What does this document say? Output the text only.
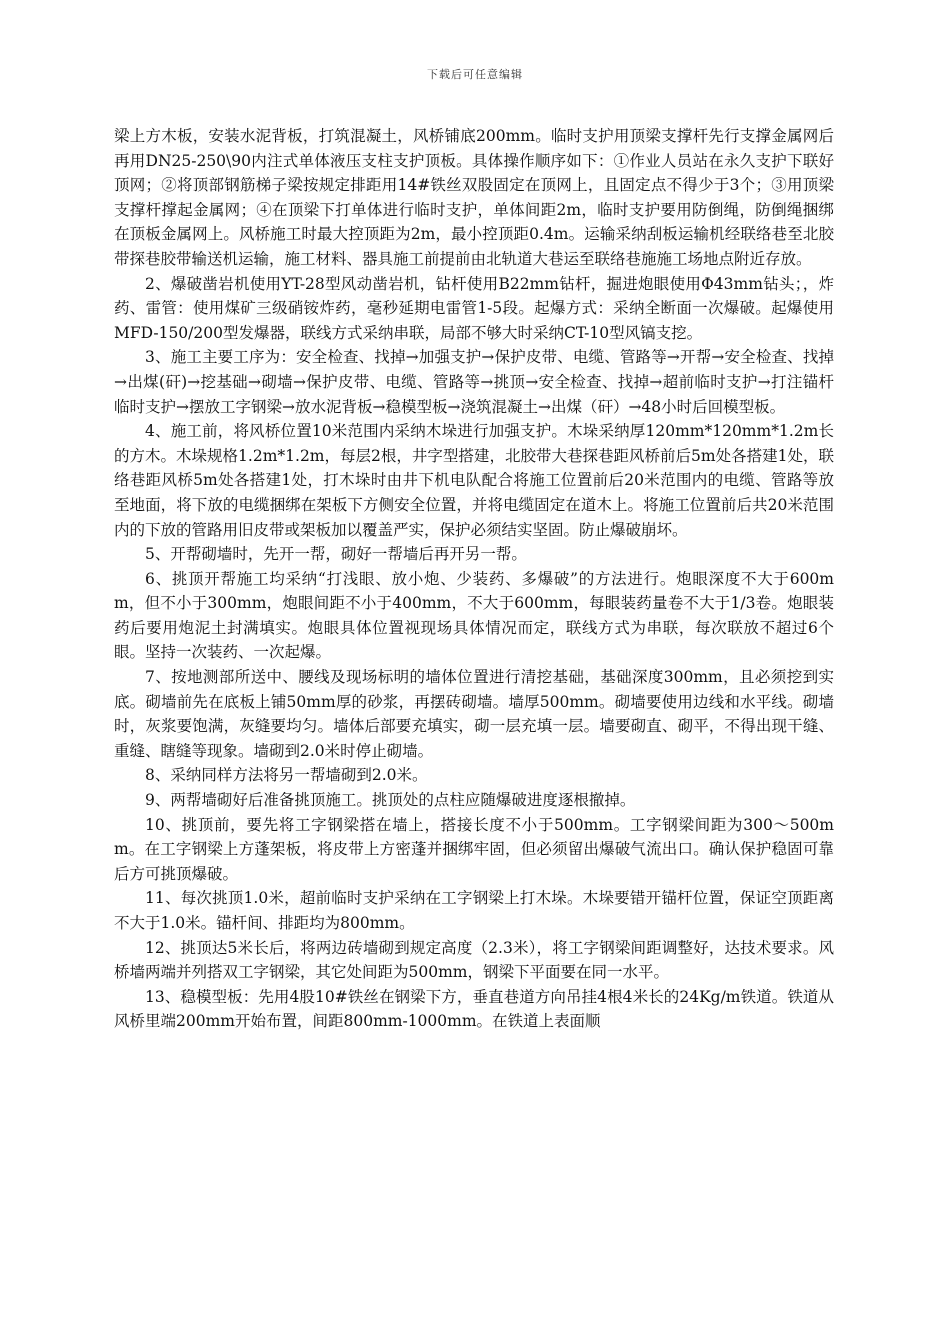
下载后可任意编辑

梁上方木板，安装水泥背板，打筑混凝土，风桥铺底200mm。临时支护用顶梁支撑杆先行支撑金属网后再用DN25-250\90内注式单体液压支柱支护顶板。具体操作顺序如下：①作业人员站在永久支护下联好顶网；②将顶部钢筋梯子梁按规定排距用14#铁丝双股固定在顶网上，且固定点不得少于3个；③用顶梁支撑杆撑起金属网；④在顶梁下打单体进行临时支护，单体间距2m，临时支护要用防倒绳，防倒绳捆绑在顶板金属网上。风桥施工时最大控顶距为2m，最小控顶距0.4m。运输采纳刮板运输机经联络巷至北胶带探巷胶带输送机运输，施工材料、器具施工前提前由北轨道大巷运至联络巷施施工场地点附近存放。

2、爆破凿岩机使用YT-28型风动凿岩机，钻杆使用B22mm钻杆，掘进炮眼使用Φ43mm钻头；，炸药、雷管：使用煤矿三级硝铵炸药，毫秒延期电雷管1-5段。起爆方式：采纳全断面一次爆破。起爆使用MFD-150/200型发爆器，联线方式采纳串联，局部不够大时采纳CT-10型风镐支挖。

3、施工主要工序为：安全检查、找掉→加强支护→保护皮带、电缆、管路等→开帮→安全检查、找掉→出煤(矸)→挖基础→砌墙→保护皮带、电缆、管路等→挑顶→安全检查、找掉→超前临时支护→打注锚杆临时支护→摆放工字钢梁→放水泥背板→稳模型板→浇筑混凝土→出煤（矸）→48小时后回模型板。

4、施工前，将风桥位置10米范围内采纳木垛进行加强支护。木垛采纳厚120mm*120mm*1.2m长的方木。木垛规格1.2m*1.2m，每层2根，井字型搭建，北胶带大巷探巷距风桥前后5m处各搭建1处，联络巷距风桥5m处各搭建1处，打木垛时由井下机电队配合将施工位置前后20米范围内的电缆、管路等放至地面，将下放的电缆捆绑在架板下方侧安全位置，并将电缆固定在道木上。将施工位置前后共20米范围内的下放的管路用旧皮带或架板加以覆盖严实，保护必须结实坚固。防止爆破崩坏。

5、开帮砌墙时，先开一帮，砌好一帮墙后再开另一帮。

6、挑顶开帮施工均采纳“打浅眼、放小炮、少装药、多爆破”的方法进行。炮眼深度不大于600mm，但不小于300mm，炮眼间距不小于400mm，不大于600mm，每眼装药量卷不大于1/3卷。炮眼装药后要用炮泥土封满填实。炮眼具体位置视现场具体情况而定，联线方式为串联，每次联放不超过6个眼。坚持一次装药、一次起爆。

7、按地测部所送中、腰线及现场标明的墙体位置进行清挖基础，基础深度300mm，且必须挖到实底。砌墙前先在底板上铺50mm厚的砂浆，再摆砖砌墙。墙厚500mm。砌墙要使用边线和水平线。砌墙时，灰浆要饱满，灰缝要均匀。墙体后部要充填实，砌一层充填一层。墙要砌直、砌平，不得出现干缝、重缝、瞎缝等现象。墙砌到2.0米时停止砌墙。

8、采纳同样方法将另一帮墙砌到2.0米。

9、两帮墙砌好后准备挑顶施工。挑顶处的点柱应随爆破进度逐根撤掉。

10、挑顶前，要先将工字钢梁搭在墙上，搭接长度不小于500mm。工字钢梁间距为300～500mm。在工字钢梁上方蓬架板，将皮带上方密蓬并捆绑牢固，但必须留出爆破气流出口。确认保护稳固可靠后方可挑顶爆破。

11、每次挑顶1.0米，超前临时支护采纳在工字钢梁上打木垛。木垛要错开锚杆位置，保证空顶距离不大于1.0米。锚杆间、排距均为800mm。

12、挑顶达5米长后，将两边砖墙砌到规定高度（2.3米），将工字钢梁间距调整好，达技术要求。风桥墙两端并列搭双工字钢梁，其它处间距为500mm，钢梁下平面要在同一水平。

13、稳模型板：先用4股10#铁丝在钢梁下方，垂直巷道方向吊挂4根4米长的24Kg/m铁道。铁道从风桥里端200mm开始布置，间距800mm-1000mm。在铁道上表面顺
